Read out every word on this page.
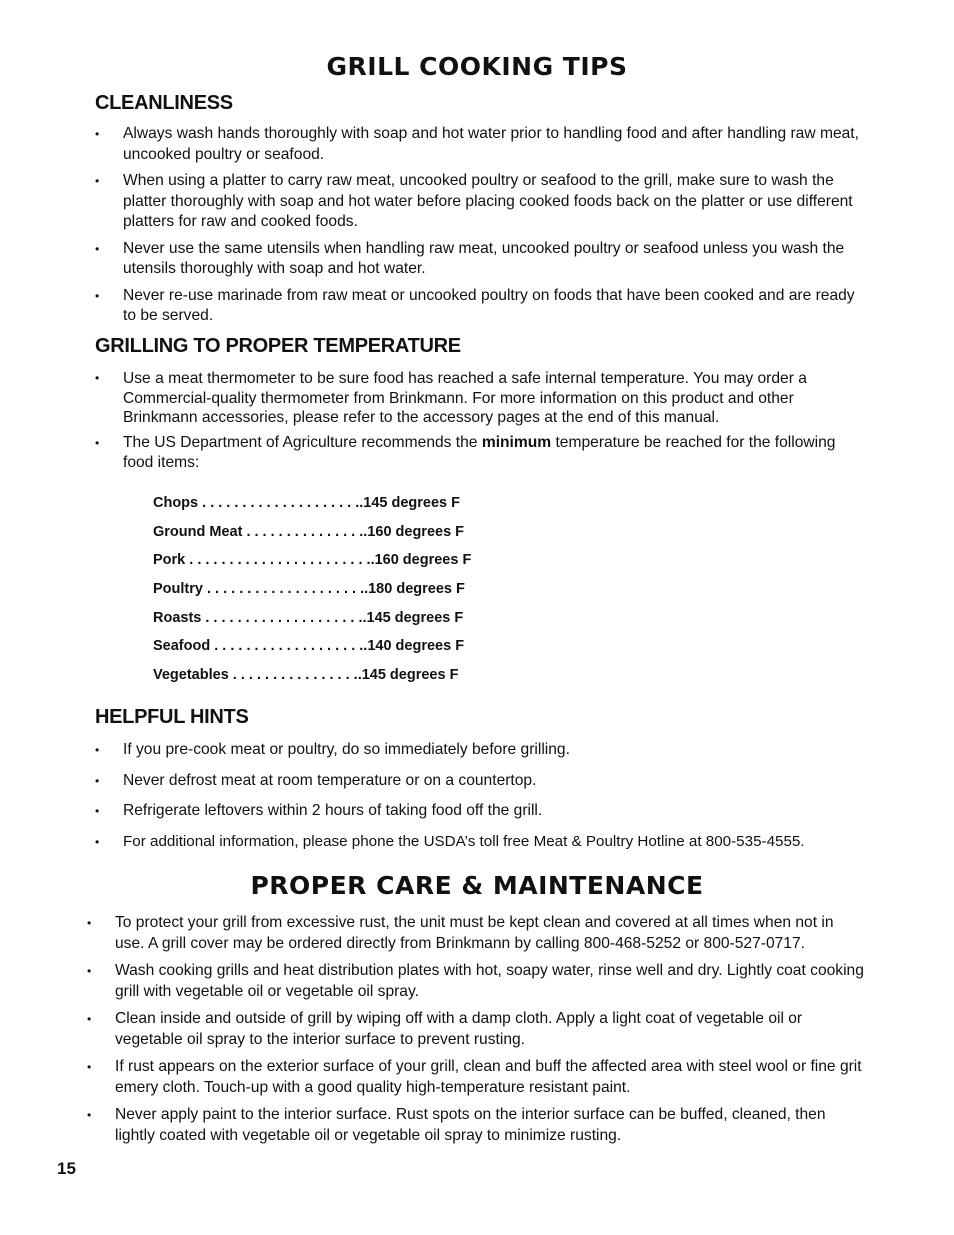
GRILL COOKING TIPS
CLEANLINESS
• Always wash hands thoroughly with soap and hot water prior to handling food and after handling raw meat, uncooked poultry or seafood.
• When using a platter to carry raw meat, uncooked poultry or seafood to the grill, make sure to wash the platter thoroughly with soap and hot water before placing cooked foods back on the platter or use different platters for raw and cooked foods.
• Never use the same utensils when handling raw meat, uncooked poultry or seafood unless you wash the utensils thoroughly with soap and hot water.
• Never re-use marinade from raw meat or uncooked poultry on foods that have been cooked and are ready to be served.
GRILLING TO PROPER TEMPERATURE
• Use a meat thermometer to be sure food has reached a safe internal temperature. You may order a Commercial-quality thermometer from Brinkmann. For more information on this product and other Brinkmann accessories, please refer to the accessory pages at the end of this manual.
• The US Department of Agriculture recommends the minimum temperature be reached for the following food items:
Chops . . . . . . . . . . . . . . . . . . . . .145 degrees F
Ground Meat . . . . . . . . . . . . . . . .160 degrees F
Pork . . . . . . . . . . . . . . . . . . . . . . . .160 degrees F
Poultry . . . . . . . . . . . . . . . . . . . . .180 degrees F
Roasts . . . . . . . . . . . . . . . . . . . . .145 degrees F
Seafood . . . . . . . . . . . . . . . . . . . .140 degrees F
Vegetables . . . . . . . . . . . . . . . . .145 degrees F
HELPFUL HINTS
• If you pre-cook meat or poultry, do so immediately before grilling.
• Never defrost meat at room temperature or on a countertop.
• Refrigerate leftovers within 2 hours of taking food off the grill.
• For additional information, please phone the USDA’s toll free Meat & Poultry Hotline at 800-535-4555.
PROPER CARE & MAINTENANCE
• To protect your grill from excessive rust, the unit must be kept clean and covered at all times when not in use. A grill cover may be ordered directly from Brinkmann by calling 800-468-5252 or 800-527-0717.
• Wash cooking grills and heat distribution plates with hot, soapy water, rinse well and dry. Lightly coat cooking grill with vegetable oil or vegetable oil spray.
• Clean inside and outside of grill by wiping off with a damp cloth. Apply a light coat of vegetable oil or vegetable oil spray to the interior surface to prevent rusting.
• If rust appears on the exterior surface of your grill, clean and buff the affected area with steel wool or fine grit emery cloth. Touch-up with a good quality high-temperature resistant paint.
• Never apply paint to the interior surface. Rust spots on the interior surface can be buffed, cleaned, then lightly coated with vegetable oil or vegetable oil spray to minimize rusting.

15
